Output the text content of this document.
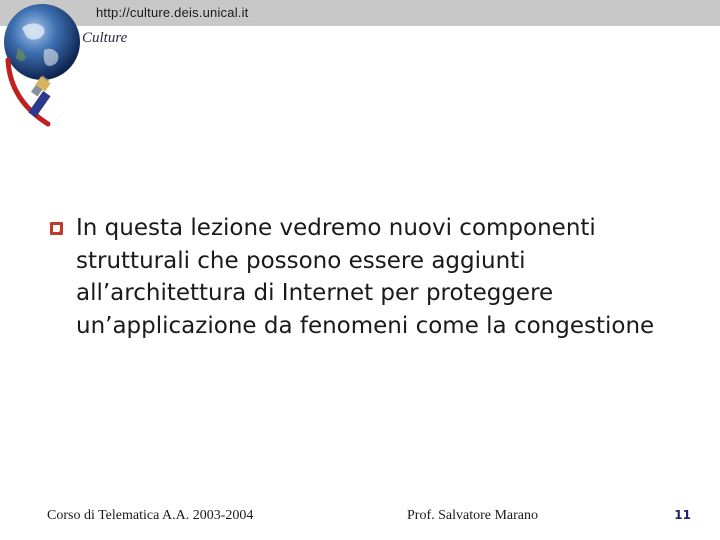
Culture
http://culture.deis.unical.it
In questa lezione vedremo nuovi componenti strutturali che possono essere aggiunti all’architettura di Internet per proteggere un’applicazione da fenomeni come la congestione
Corso di Telematica A.A. 2003-2004	Prof. Salvatore Marano	11
